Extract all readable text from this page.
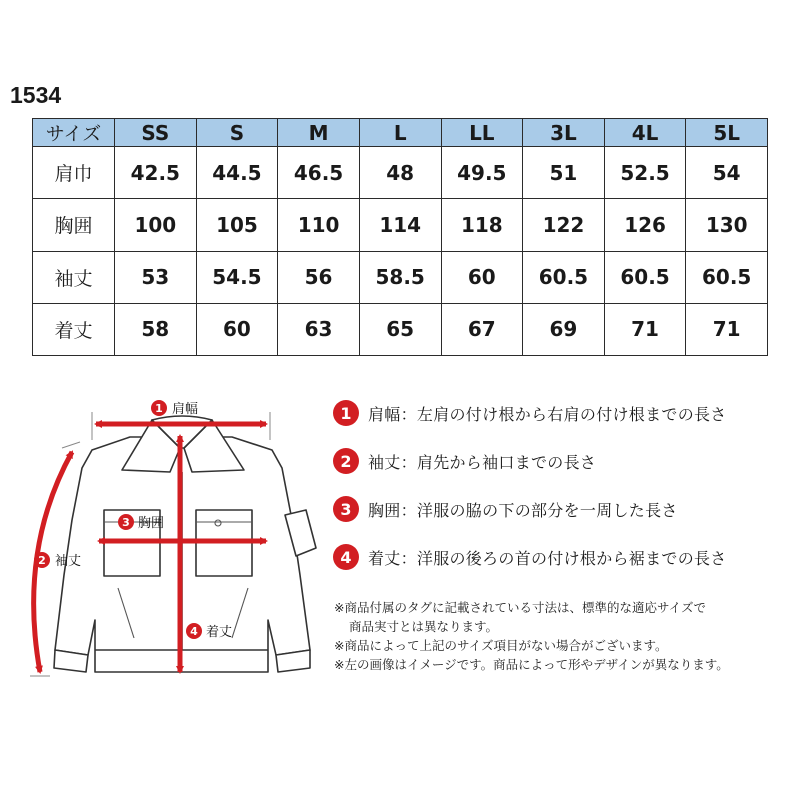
1534
サイズ	SS	S	M	L	LL	3L	4L	5L
肩巾	42.5	44.5	46.5	48	49.5	51	52.5	54
胸囲	100	105	110	114	118	122	126	130
袖丈	53	54.5	56	58.5	60	60.5	60.5	60.5
着丈	58	60	63	65	67	69	71	71
1 肩幅
2 袖丈
3 胸囲
4 着丈
1	肩幅：左肩の付け根から右肩の付け根までの長さ
2	袖丈：肩先から袖口までの長さ
3	胸囲：洋服の脇の下の部分を一周した長さ
4	着丈：洋服の後ろの首の付け根から裾までの長さ
※商品付属のタグに記載されている寸法は、標準的な適応サイズで
商品実寸とは異なります。
※商品によって上記のサイズ項目がない場合がございます。
※左の画像はイメージです。商品によって形やデザインが異なります。
